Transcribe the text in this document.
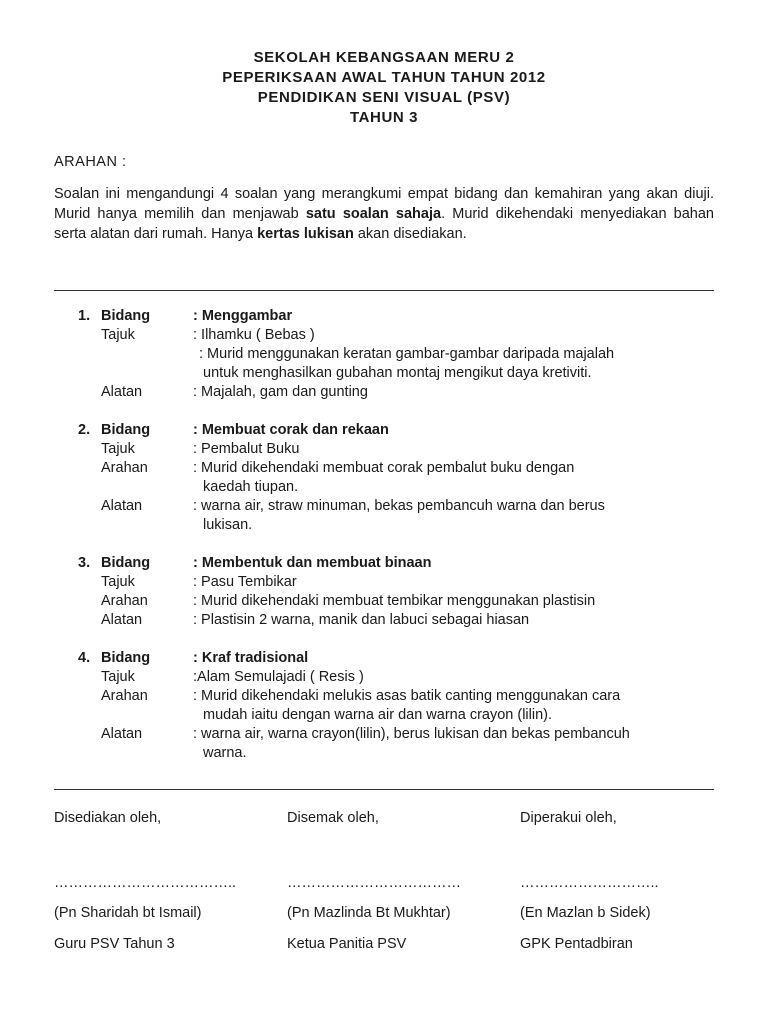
SEKOLAH KEBANGSAAN MERU 2
PEPERIKSAAN AWAL TAHUN TAHUN 2012
PENDIDIKAN SENI VISUAL (PSV)
TAHUN 3
ARAHAN :
Soalan ini mengandungi 4 soalan yang merangkumi empat bidang dan kemahiran yang akan diuji. Murid hanya memilih dan menjawab satu soalan sahaja. Murid dikehendaki menyediakan bahan serta alatan dari rumah. Hanya kertas lukisan akan disediakan.
1. Bidang	: Menggambar
Tajuk	: Ilhamku ( Bebas )
: Murid menggunakan keratan gambar-gambar daripada majalah
untuk menghasilkan gubahan montaj mengikut daya kretiviti.
Alatan	: Majalah, gam dan gunting
2. Bidang	: Membuat corak dan rekaan
Tajuk	: Pembalut Buku
Arahan	: Murid dikehendaki membuat corak pembalut buku dengan
kaedah tiupan.
Alatan	: warna air, straw minuman, bekas pembancuh warna dan berus
lukisan.
3. Bidang	: Membentuk dan membuat binaan
Tajuk	: Pasu Tembikar
Arahan	: Murid dikehendaki membuat tembikar menggunakan plastisin
Alatan	: Plastisin 2 warna, manik dan labuci sebagai hiasan
4. Bidang	: Kraf tradisional
Tajuk	:Alam Semulajadi ( Resis )
Arahan	: Murid dikehendaki melukis asas batik canting menggunakan cara
mudah iaitu dengan warna air dan warna crayon (lilin).
Alatan	: warna air, warna crayon(lilin), berus lukisan dan bekas pembancuh
warna.
Disediakan oleh,	Disemak oleh,	Diperakui oleh,
………………………………..	………………………………	………………………..
(Pn Sharidah bt Ismail)	(Pn Mazlinda Bt Mukhtar)	(En Mazlan b Sidek)
Guru PSV Tahun 3	Ketua Panitia PSV	GPK Pentadbiran
